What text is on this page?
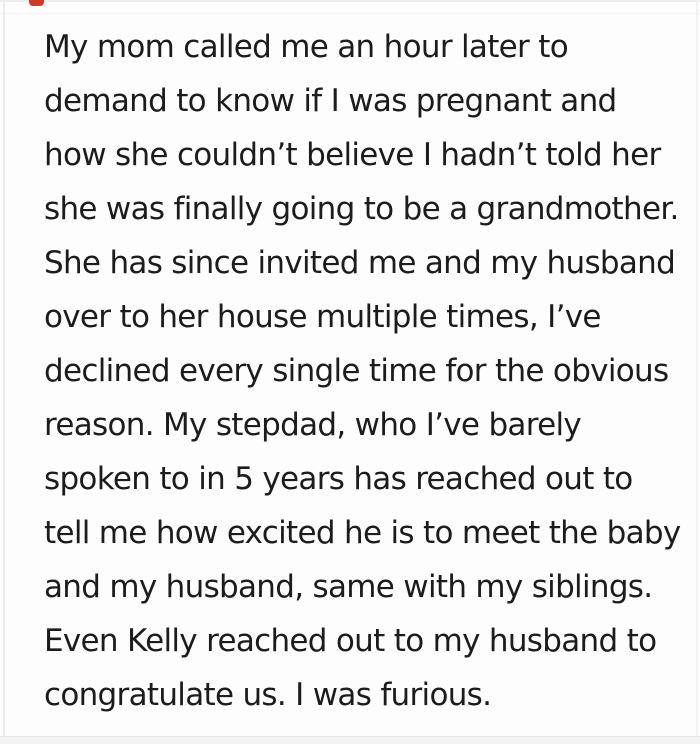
My mom called me an hour later to
demand to know if I was pregnant and
how she couldn’t believe I hadn’t told her
she was finally going to be a grandmother.
She has since invited me and my husband
over to her house multiple times, I’ve
declined every single time for the obvious
reason. My stepdad, who I’ve barely
spoken to in 5 years has reached out to
tell me how excited he is to meet the baby
and my husband, same with my siblings.
Even Kelly reached out to my husband to
congratulate us. I was furious.
